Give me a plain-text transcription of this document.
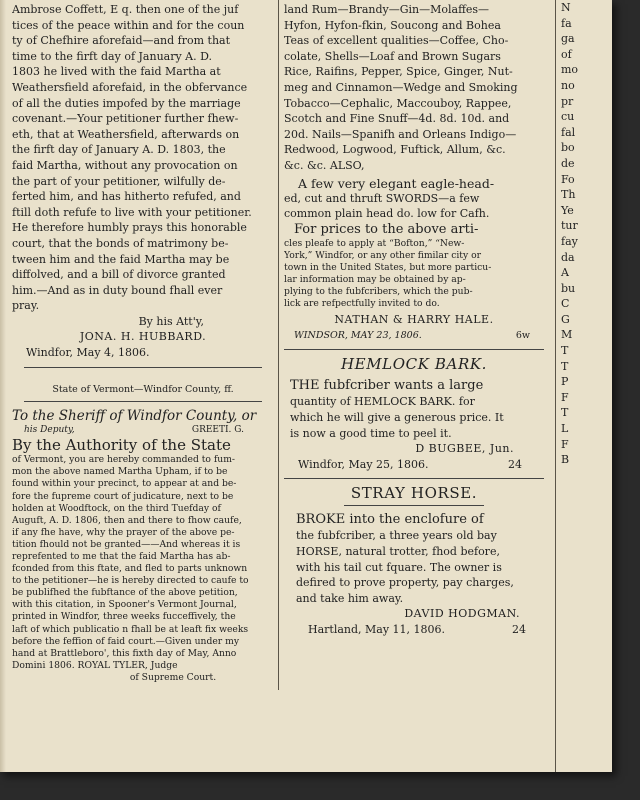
Ambrose Coffett, E q. then one of the juf
tices of the peace within and for the coun
ty of Chefhire aforefaid—and from that
time to the firft day of January A. D.
1803 he lived with the faid Martha at
Weathersfield aforefaid, in the obfervance
of all the duties impofed by the marriage
covenant.—Your petitioner further fhew-
eth, that at Weathersfield, afterwards on
the firft day of January A. D. 1803, the
faid Martha, without any provocation on
the part of your petitioner, wilfully de-
ferted him, and has hitherto refufed, and
ftill doth refufe to live with your petitioner.
He therefore humbly prays this honorable
court, that the bonds of matrimony be-
tween him and the faid Martha may be
diffolved, and a bill of divorce granted
him.—And as in duty bound fhall ever
pray.
By his Att'y,
JONA. H. HUBBARD.
Windfor, May 4, 1806.
State of Vermont—Windfor County, ff.
To the Sheriff of Windfor County, or
his Deputy,	GREETI. G.
By the Authority of the State
of Vermont, you are hereby commanded to fum-
mon the above named Martha Upham, if to be
found within your precinct, to appear at and be-
fore the fupreme court of judicature, next to be
holden at Woodftock, on the third Tuefday of
Auguft, A. D. 1806, then and there to fhow caufe,
if any fhe have, why the prayer of the above pe-
tition fhould not be granted——And whereas it is
reprefented to me that the faid Martha has ab-
fconded from this ftate, and fled to parts unknown
to the petitioner—he is hereby directed to caufe to
be publifhed the fubftance of the above petition,
with this citation, in Spooner's Vermont Journal,
printed in Windfor, three weeks fucceffively, the
laft of which publicatio n fhall be at leaft fix weeks
before the feffion of faid court.—Given under my
hand at Brattleboro', this fixth day of May, Anno
Domini 1806. ROYAL TYLER, Judge
of Supreme Court.
land Rum—Brandy—Gin—Molaffes—
Hyfon, Hyfon-fkin, Soucong and Bohea
Teas of excellent qualities—Coffee, Cho-
colate, Shells—Loaf and Brown Sugars
Rice, Raifins, Pepper, Spice, Ginger, Nut-
meg and Cinnamon—Wedge and Smoking
Tobacco—Cephalic, Maccouboy, Rappee,
Scotch and Fine Snuff—4d. 8d. 10d. and
20d. Nails—Spanifh and Orleans Indigo—
Redwood, Logwood, Fuftick, Allum, &c.
&c. &c. ALSO,
A few very elegant eagle-head-
ed, cut and thruft SWORDS—a few
common plain head do. low for Cafh.
For prices to the above arti-
cles pleafe to apply at “Bofton,” “New-
York,” Windfor, or any other fimilar city or
town in the United States, but more particu-
lar information may be obtained by ap-
plying to the fubfcribers, which the pub-
lick are refpectfully invited to do.
NATHAN & HARRY HALE.
WINDSOR, MAY 23, 1806.	6w
HEMLOCK BARK.
THE fubfcriber wants a large
quantity of HEMLOCK BARK. for
which he will give a generous price. It
is now a good time to peel it.
D BUGBEE, Jun.
Windfor, May 25, 1806.	24
STRAY HORSE.
BROKE into the enclofure of
the fubfcriber, a three years old bay
HORSE, natural trotter, fhod before,
with his tail cut fquare. The owner is
defired to prove property, pay charges,
and take him away.
DAVID HODGMAN.
Hartland, May 11, 1806.	24
N
fa
ga
of
mo
no
pr
cu
fal
bo
de
Fo
Th
Ye
tur
fay
da
A
bu
C
G
M
T
T
P
F
T
L
F
B
